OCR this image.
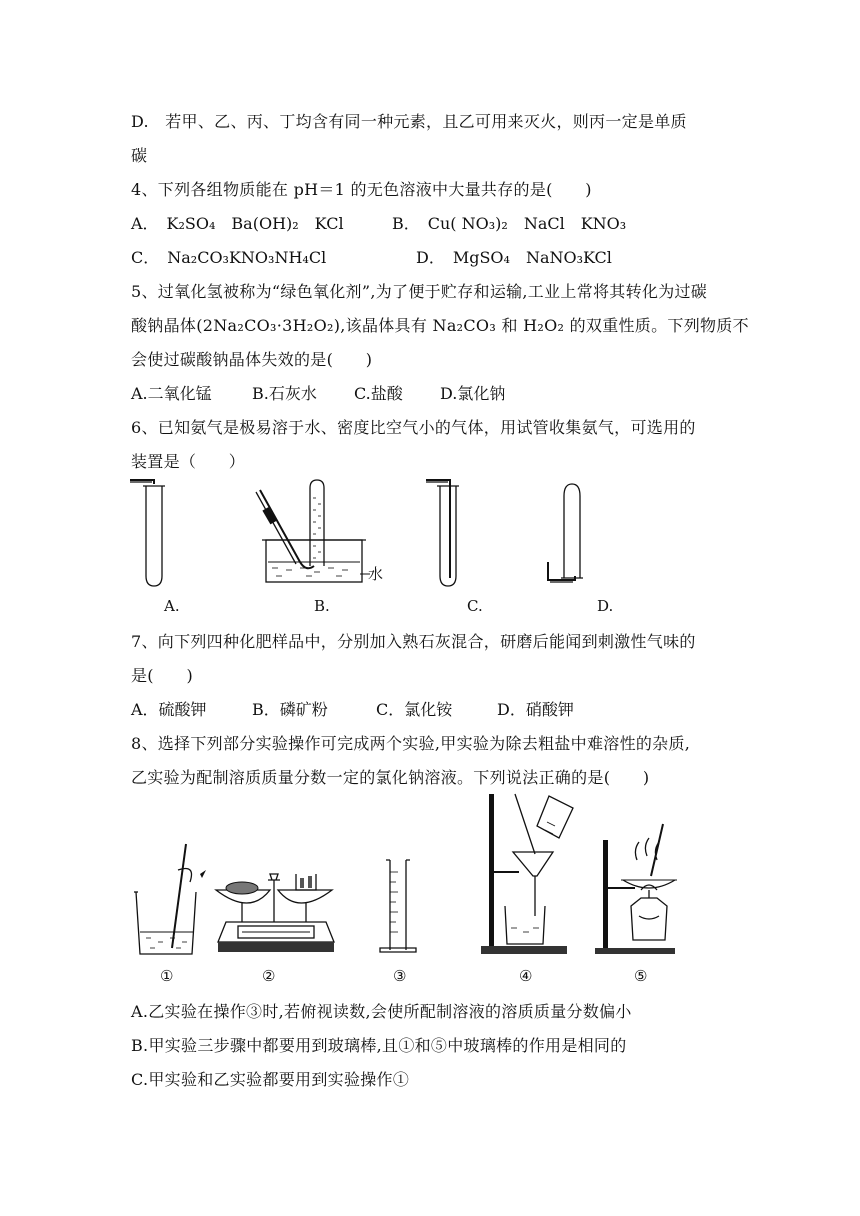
D.　若甲、乙、丙、丁均含有同一种元素，且乙可用来灭火，则丙一定是单质
碳
4、下列各组物质能在 pH＝1 的无色溶液中大量共存的是(　　)
A．　K₂SO₄　Ba(OH)₂　KCl	B．　Cu( NO₃)₂　NaCl　KNO₃
C．　Na₂CO₃KNO₃NH₄Cl	D．　MgSO₄　NaNO₃KCl
5、过氧化氢被称为“绿色氧化剂”,为了便于贮存和运输,工业上常将其转化为过碳
酸钠晶体(2Na₂CO₃·3H₂O₂),该晶体具有 Na₂CO₃ 和 H₂O₂ 的双重性质。下列物质不
会使过碳酸钠晶体失效的是(　　)
A.二氧化锰	B.石灰水 C.盐酸 D.氯化钠
6、已知氨气是极易溶于水、密度比空气小的气体，用试管收集氨气，可选用的
装置是（　　）
水
A.	B.	C.	D.
7、向下列四种化肥样品中，分别加入熟石灰混合，研磨后能闻到刺激性气味的
是(　　)
A．硫酸钾	B．磷矿粉	C．氯化铵	D．硝酸钾
8、选择下列部分实验操作可完成两个实验,甲实验为除去粗盐中难溶性的杂质,
乙实验为配制溶质质量分数一定的氯化钠溶液。下列说法正确的是(　　)
①	②	③	④	⑤
A.乙实验在操作③时,若俯视读数,会使所配制溶液的溶质质量分数偏小
B.甲实验三步骤中都要用到玻璃棒,且①和⑤中玻璃棒的作用是相同的
C.甲实验和乙实验都要用到实验操作①
